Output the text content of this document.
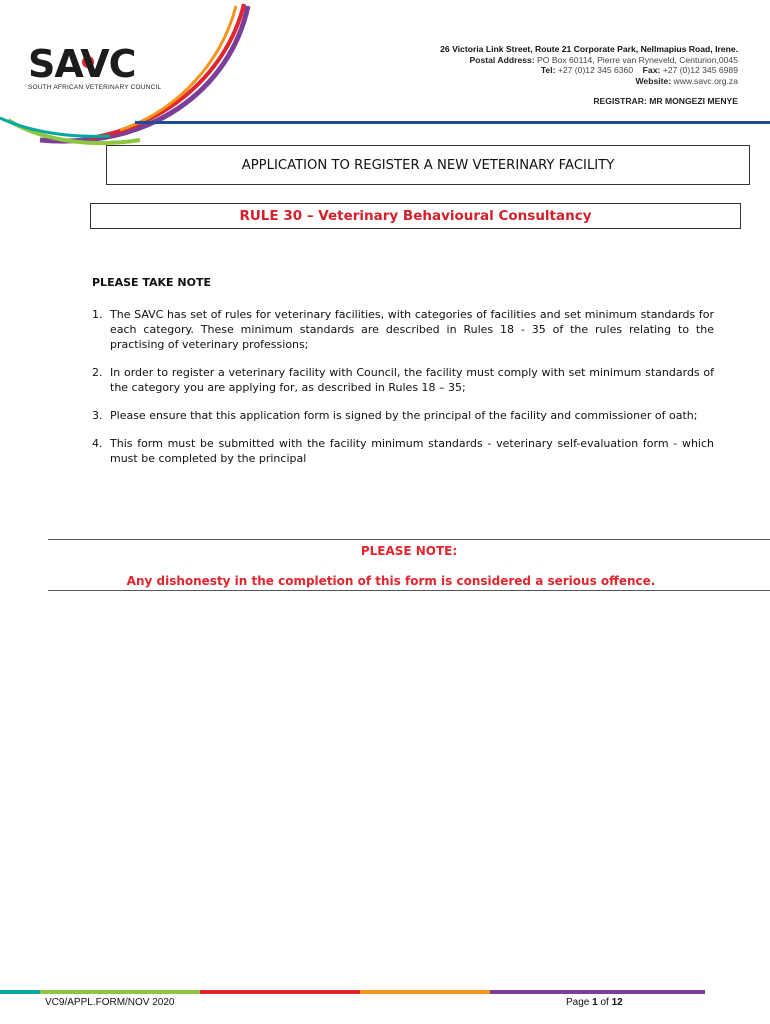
SAVC
SOUTH AFRICAN VETERINARY COUNCIL
26 Victoria Link Street, Route 21 Corporate Park, Nellmapius Road, Irene.
Postal Address: PO Box 60114, Pierre van Ryneveld, Centurion,0045
Tel: +27 (0)12 345 6360 Fax: +27 (0)12 345 6989
Website: www.savc.org.za
REGISTRAR: MR MONGEZI MENYE
APPLICATION TO REGISTER A NEW VETERINARY FACILITY
RULE 30 – Veterinary Behavioural Consultancy
PLEASE TAKE NOTE
1. The SAVC has set of rules for veterinary facilities, with categories of facilities and set minimum standards for each category. These minimum standards are described in Rules 18 - 35 of the rules relating to the practising of veterinary professions;
2. In order to register a veterinary facility with Council, the facility must comply with set minimum standards of the category you are applying for, as described in Rules 18 – 35;
3. Please ensure that this application form is signed by the principal of the facility and commissioner of oath;
4. This form must be submitted with the facility minimum standards - veterinary self-evaluation form - which must be completed by the principal
PLEASE NOTE:
Any dishonesty in the completion of this form is considered a serious offence.
VC9/APPL.FORM/NOV 2020	Page 1 of 12
